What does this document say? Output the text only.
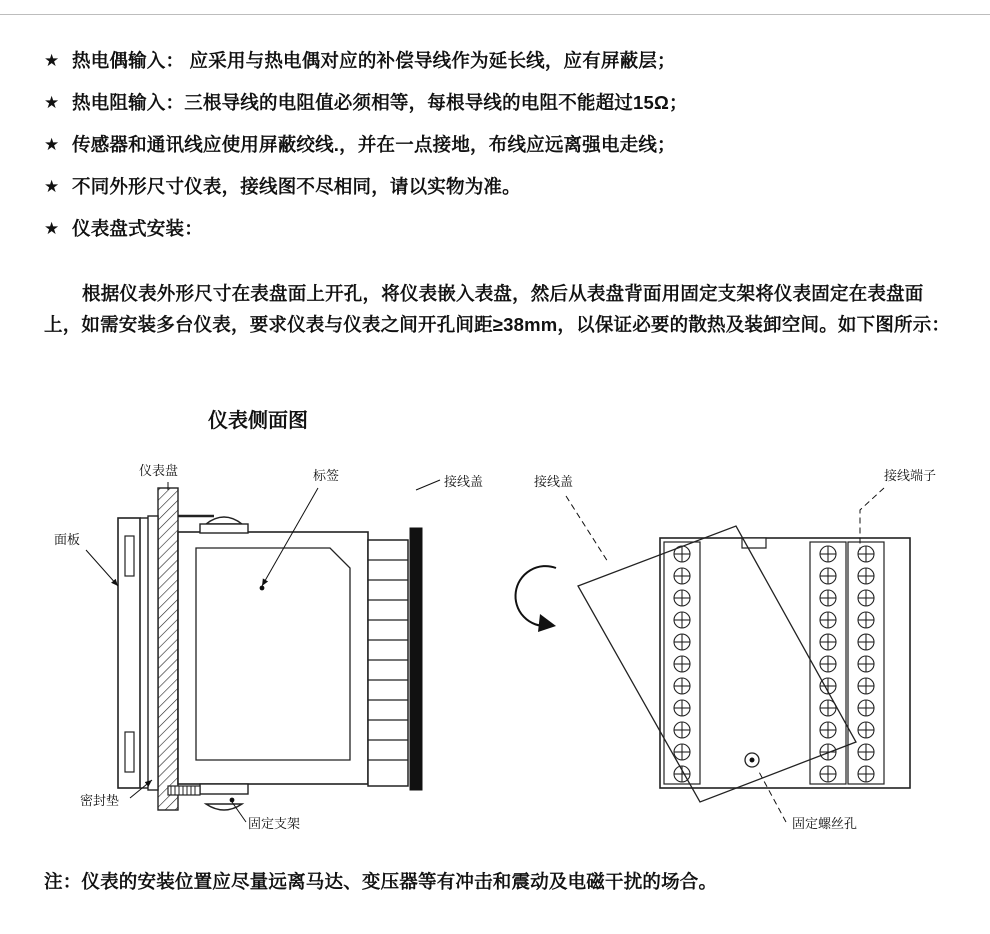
★ 热电偶输入： 应采用与热电偶对应的补偿导线作为延长线，应有屏蔽层；
★ 热电阻输入：三根导线的电阻值必须相等，每根导线的电阻不能超过15Ω；
★ 传感器和通讯线应使用屏蔽绞线.，并在一点接地，布线应远离强电走线；
★ 不同外形尺寸仪表，接线图不尽相同，请以实物为准。
★ 仪表盘式安装：
根据仪表外形尺寸在表盘面上开孔，将仪表嵌入表盘，然后从表盘背面用固定支架将仪表固定在表盘面上，如需安装多台仪表，要求仪表与仪表之间开孔间距≥38mm，以保证必要的散热及装卸空间。如下图所示：
仪表侧面图
仪表盘
面板
标签	接线盖
密封垫
固定支架
接线盖	接线端子
固定螺丝孔
注：仪表的安装位置应尽量远离马达、变压器等有冲击和震动及电磁干扰的场合。
